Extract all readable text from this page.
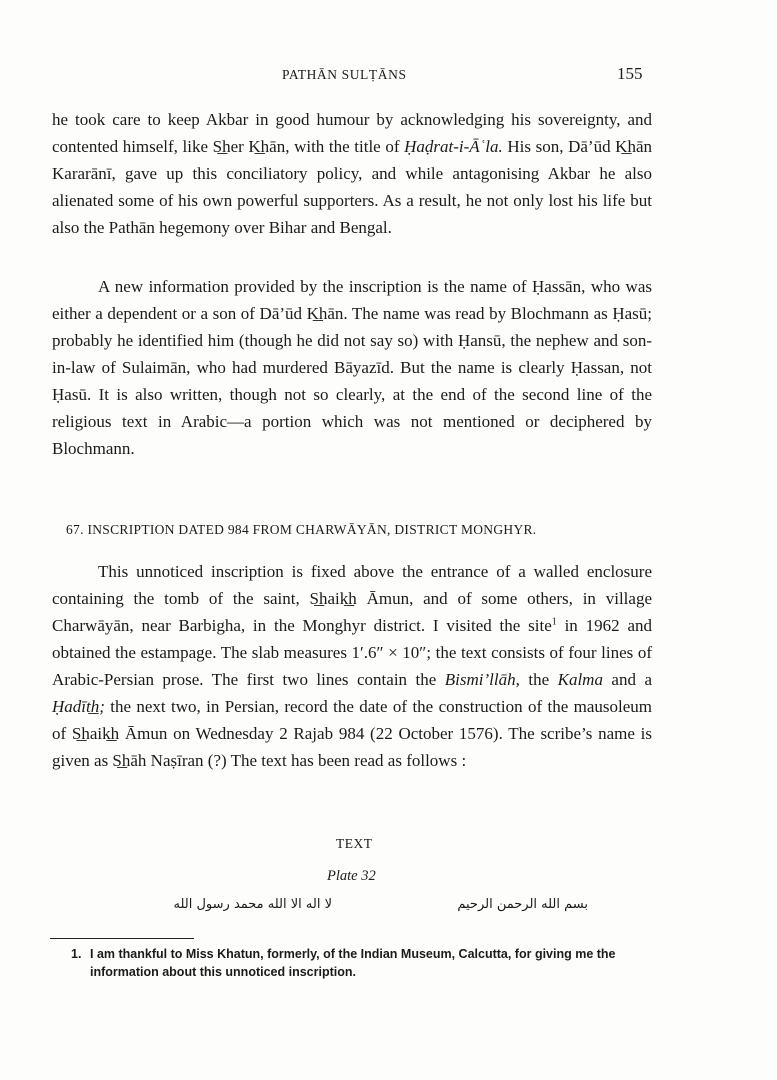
PATHĀN SULṬĀNS	155

he took care to keep Akbar in good humour by acknowledging his sovereignty, and contented himself, like S͟her K͟hān, with the title of Ḥaḍrat-i-Āʿla. His son, Dā’ūd K͟hān Kararānī, gave up this conciliatory policy, and while antagonising Akbar he also alienated some of his own powerful supporters. As a result, he not only lost his life but also the Pathān hegemony over Bihar and Bengal.

A new information provided by the inscription is the name of Ḥassān, who was either a dependent or a son of Dā’ūd K͟hān. The name was read by Blochmann as Ḥasū; probably he identified him (though he did not say so) with Ḥansū, the nephew and son-in-law of Sulaimān, who had murdered Bāyazīd. But the name is clearly Ḥassan, not Ḥasū. It is also written, though not so clearly, at the end of the second line of the religious text in Arabic—a portion which was not mentioned or deciphered by Blochmann.

67. INSCRIPTION DATED 984 FROM CHARWĀYĀN, DISTRICT MONGHYR.

This unnoticed inscription is fixed above the entrance of a walled enclosure containing the tomb of the saint, S͟haik͟h Āmun, and of some others, in village Charwāyān, near Barbigha, in the Monghyr district. I visited the site$^1$ in 1962 and obtained the estampage. The slab measures 1′.6″ × 10″; the text consists of four lines of Arabic-Persian prose. The first two lines contain the Bismi’llāh, the Kalma and a Ḥadīt͟h; the next two, in Persian, record the date of the construction of the mausoleum of S͟haik͟h Āmun on Wednesday 2 Rajab 984 (22 October 1576). The scribe’s name is given as S͟hāh Naṣīran (?) The text has been read as follows :

TEXT
Plate 32
بسم الله الرحمن الرحيم
لا اله الا الله محمد رسول الله
1. I am thankful to Miss Khatun, formerly, of the Indian Museum, Calcutta, for giving me the information about this unnoticed inscription.
